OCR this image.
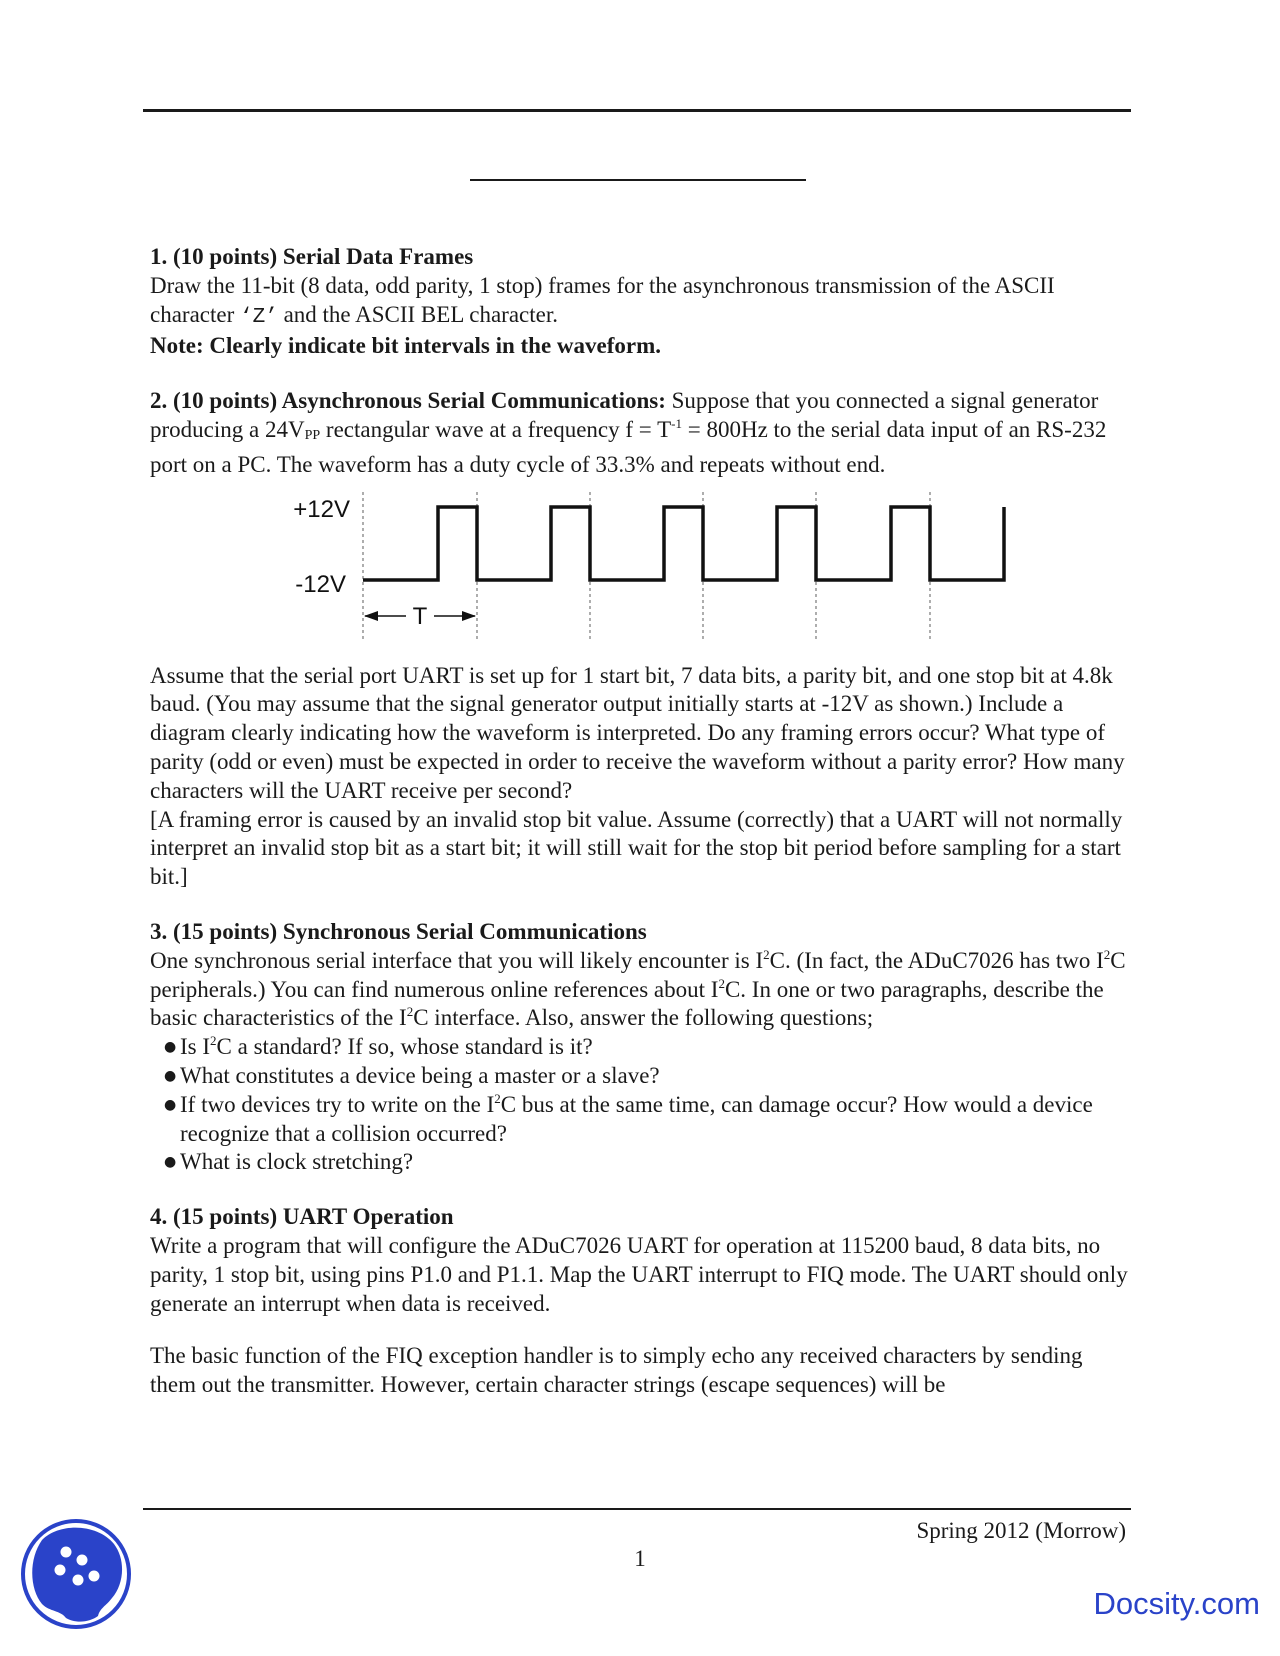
1. (10 points) Serial Data Frames

Draw the 11-bit (8 data, odd parity, 1 stop) frames for the asynchronous transmission of the ASCII character ‘Z’ and the ASCII BEL character.

Note: Clearly indicate bit intervals in the waveform.

2. (10 points) Asynchronous Serial Communications: Suppose that you connected a signal generator producing a $24V_{PP}$ rectangular wave at a frequency $f = T^{-1} = 800Hz$ to the serial data input of an RS-232 port on a PC. The waveform has a duty cycle of 33.3% and repeats without end.

+12V
-12V
T

Assume that the serial port UART is set up for 1 start bit, 7 data bits, a parity bit, and one stop bit at 4.8k baud. (You may assume that the signal generator output initially starts at -12V as shown.) Include a diagram clearly indicating how the waveform is interpreted. Do any framing errors occur? What type of parity (odd or even) must be expected in order to receive the waveform without a parity error? How many characters will the UART receive per second?

[A framing error is caused by an invalid stop bit value. Assume (correctly) that a UART will not normally interpret an invalid stop bit as a start bit; it will still wait for the stop bit period before sampling for a start bit.]

3. (15 points) Synchronous Serial Communications

One synchronous serial interface that you will likely encounter is $I^2C$. (In fact, the ADuC7026 has two $I^2C$ peripherals.) You can find numerous online references about $I^2C$. In one or two paragraphs, describe the basic characteristics of the $I^2C$ interface. Also, answer the following questions;

● Is $I^2C$ a standard? If so, whose standard is it?
● What constitutes a device being a master or a slave?
● If two devices try to write on the $I^2C$ bus at the same time, can damage occur? How would a device recognize that a collision occurred?
● What is clock stretching?

4. (15 points) UART Operation

Write a program that will configure the ADuC7026 UART for operation at 115200 baud, 8 data bits, no parity, 1 stop bit, using pins P1.0 and P1.1. Map the UART interrupt to FIQ mode. The UART should only generate an interrupt when data is received.

The basic function of the FIQ exception handler is to simply echo any received characters by sending them out the transmitter. However, certain character strings (escape sequences) will be

Spring 2012 (Morrow)
1
Docsity.com
